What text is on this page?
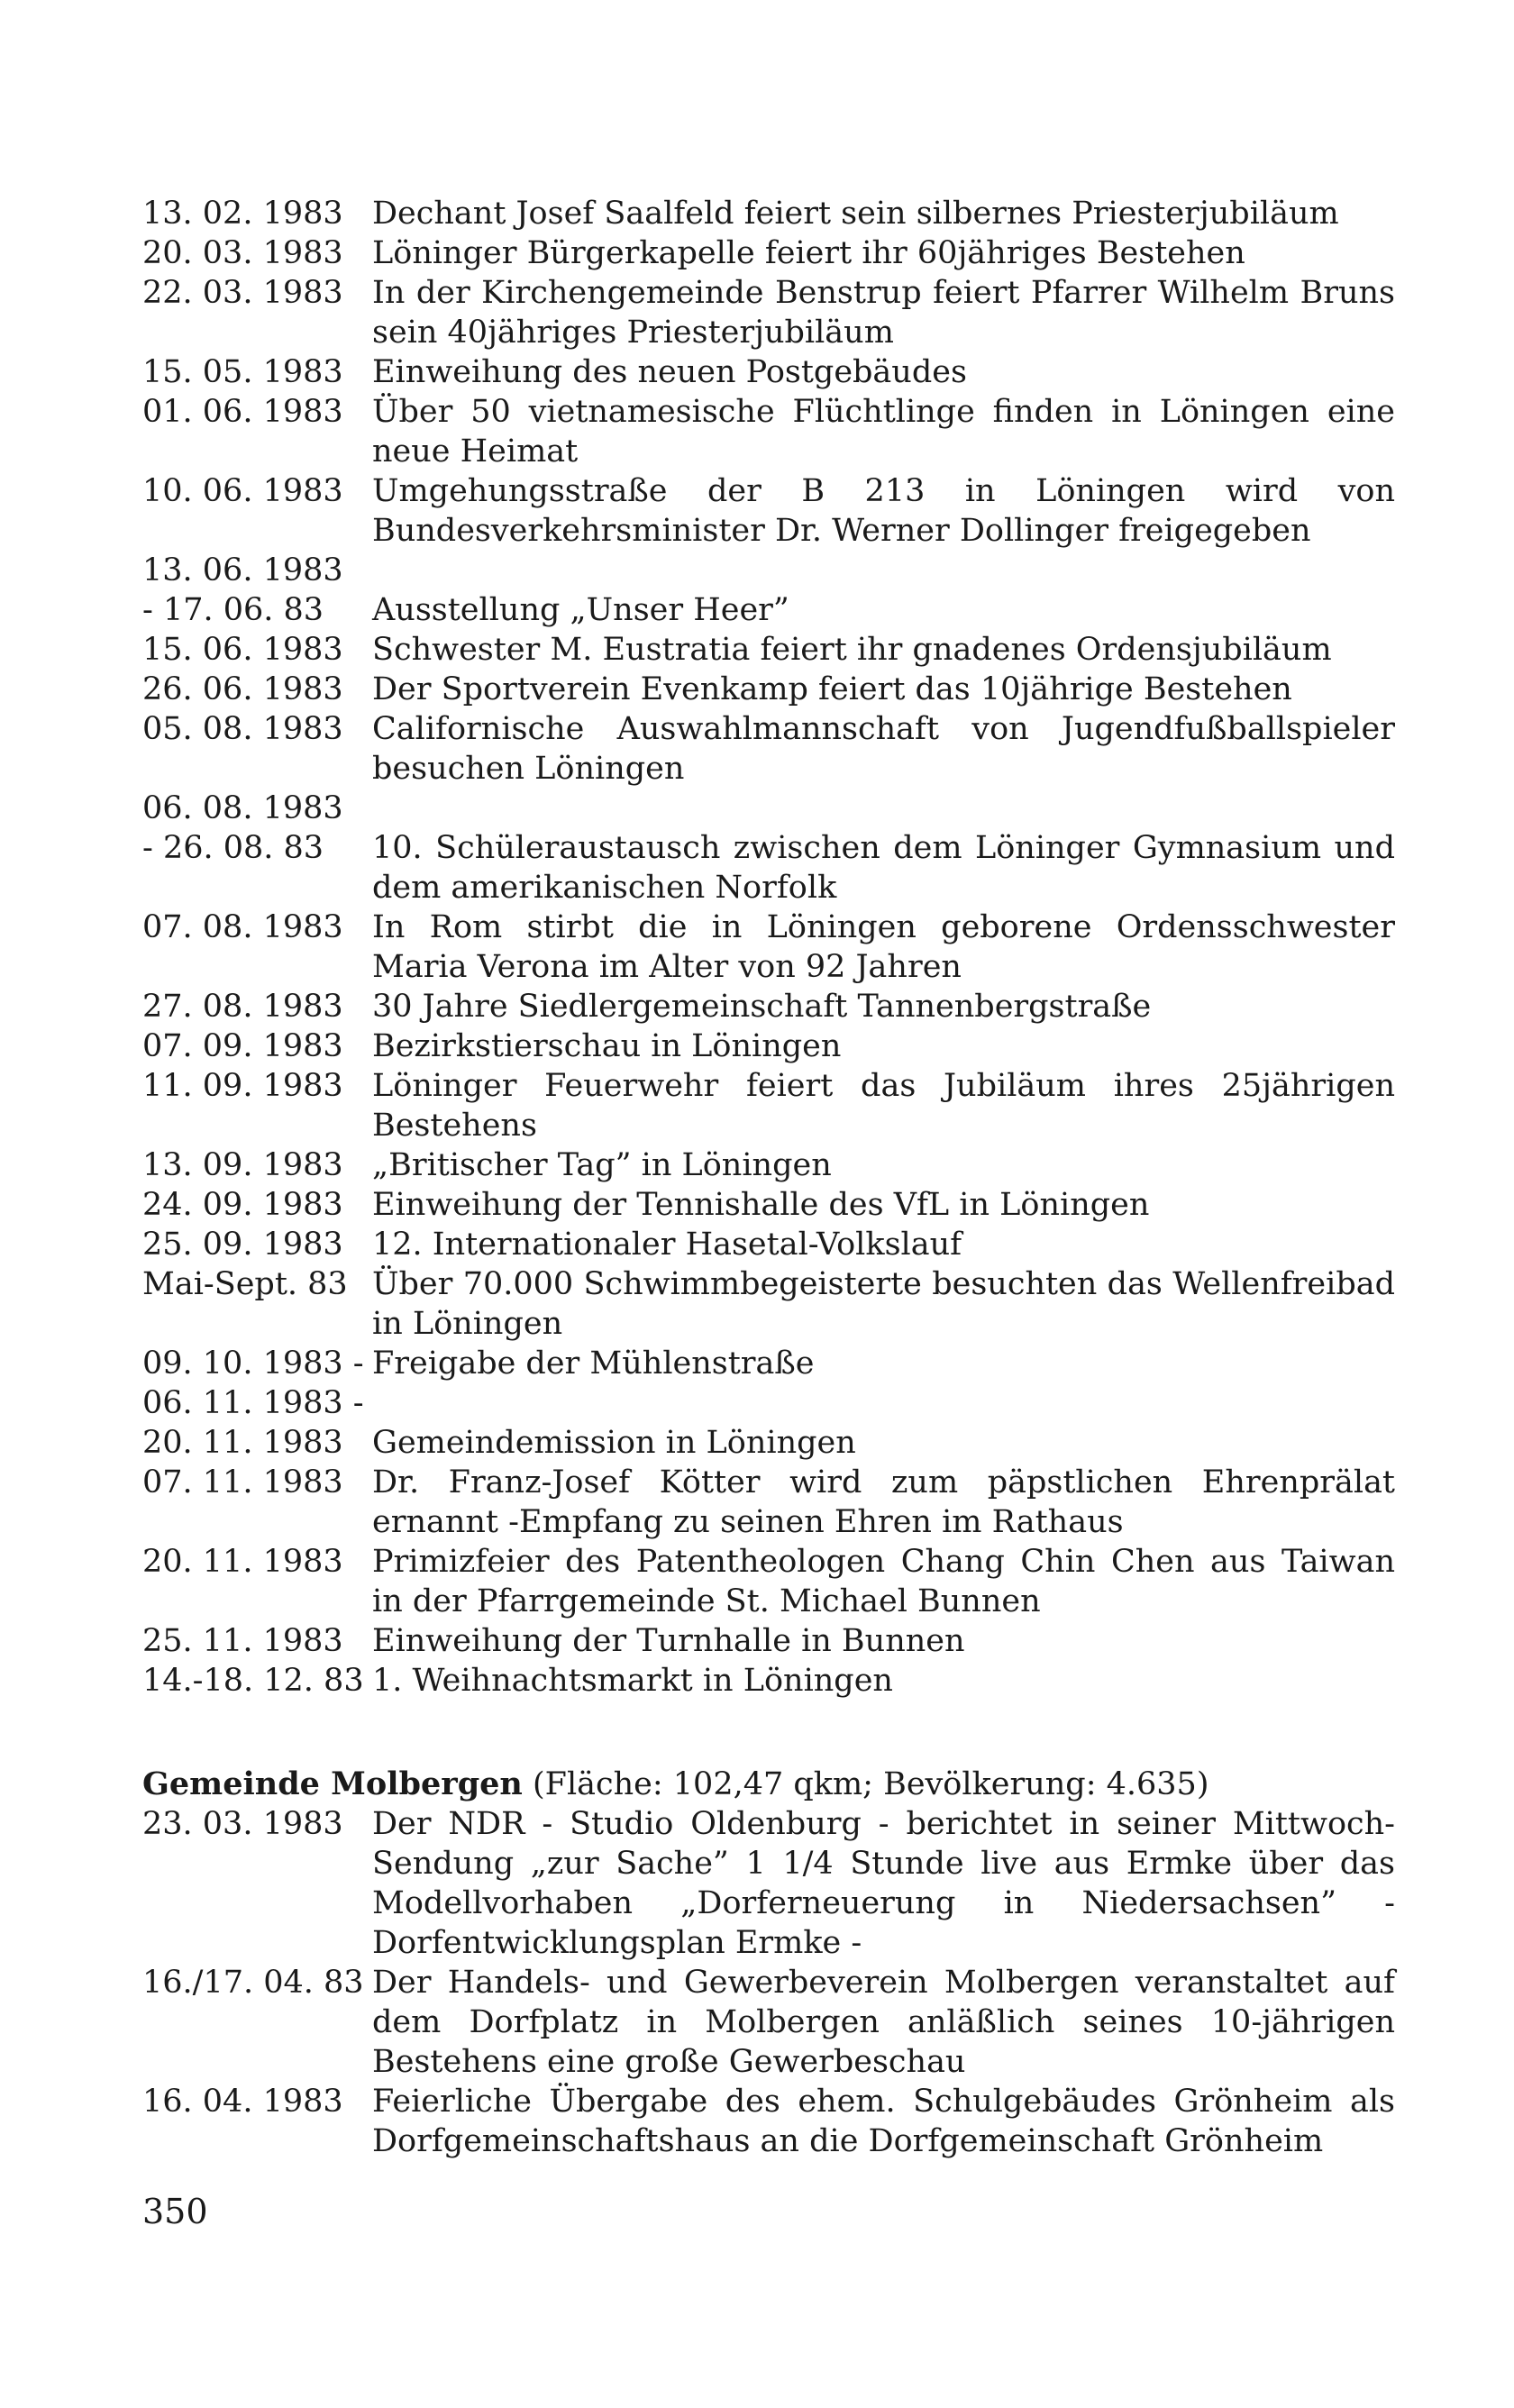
13. 02. 1983 Dechant Josef Saalfeld feiert sein silbernes Priesterjubiläum
20. 03. 1983 Löninger Bürgerkapelle feiert ihr 60jähriges Bestehen
22. 03. 1983 In der Kirchengemeinde Benstrup feiert Pfarrer Wilhelm Bruns sein 40jähriges Priesterjubiläum
15. 05. 1983 Einweihung des neuen Postgebäudes
01. 06. 1983 Über 50 vietnamesische Flüchtlinge finden in Löningen eine neue Heimat
10. 06. 1983 Umgehungsstraße der B 213 in Löningen wird von Bundesverkehrsminister Dr. Werner Dollinger freigegeben
13. 06. 1983
- 17. 06. 83	Ausstellung „Unser Heer”
15. 06. 1983 Schwester M. Eustratia feiert ihr gnadenes Ordensjubiläum
26. 06. 1983 Der Sportverein Evenkamp feiert das 10jährige Bestehen
05. 08. 1983 Californische Auswahlmannschaft von Jugendfußballspieler besuchen Löningen
06. 08. 1983
- 26. 08. 83	10. Schüleraustausch zwischen dem Löninger Gymnasium und dem amerikanischen Norfolk
07. 08. 1983 In Rom stirbt die in Löningen geborene Ordensschwester Maria Verona im Alter von 92 Jahren
27. 08. 1983 30 Jahre Siedlergemeinschaft Tannenbergstraße
07. 09. 1983 Bezirkstierschau in Löningen
11. 09. 1983 Löninger Feuerwehr feiert das Jubiläum ihres 25jährigen Bestehens
13. 09. 1983 „Britischer Tag” in Löningen
24. 09. 1983 Einweihung der Tennishalle des VfL in Löningen
25. 09. 1983 12. Internationaler Hasetal-Volkslauf
Mai-Sept. 83 Über 70.000 Schwimmbegeisterte besuchten das Wellenfreibad in Löningen
09. 10. 1983 - Freigabe der Mühlenstraße
06. 11. 1983 -
20. 11. 1983 Gemeindemission in Löningen
07. 11. 1983 Dr. Franz-Josef Kötter wird zum päpstlichen Ehrenprälat ernannt -Empfang zu seinen Ehren im Rathaus
20. 11. 1983 Primizfeier des Patentheologen Chang Chin Chen aus Taiwan in der Pfarrgemeinde St. Michael Bunnen
25. 11. 1983 Einweihung der Turnhalle in Bunnen
14.-18. 12. 83 1. Weihnachtsmarkt in Löningen
Gemeinde Molbergen (Fläche: 102,47 qkm; Bevölkerung: 4.635)
23. 03. 1983 Der NDR - Studio Oldenburg - berichtet in seiner Mittwoch-Sendung „zur Sache” 1 1/4 Stunde live aus Ermke über das Modellvorhaben „Dorferneuerung in Niedersachsen” - Dorfentwicklungsplan Ermke -
16./17. 04. 83 Der Handels- und Gewerbeverein Molbergen veranstaltet auf dem Dorfplatz in Molbergen anläßlich seines 10-jährigen Bestehens eine große Gewerbeschau
16. 04. 1983 Feierliche Übergabe des ehem. Schulgebäudes Grönheim als Dorfgemeinschaftshaus an die Dorfgemeinschaft Grönheim
350
